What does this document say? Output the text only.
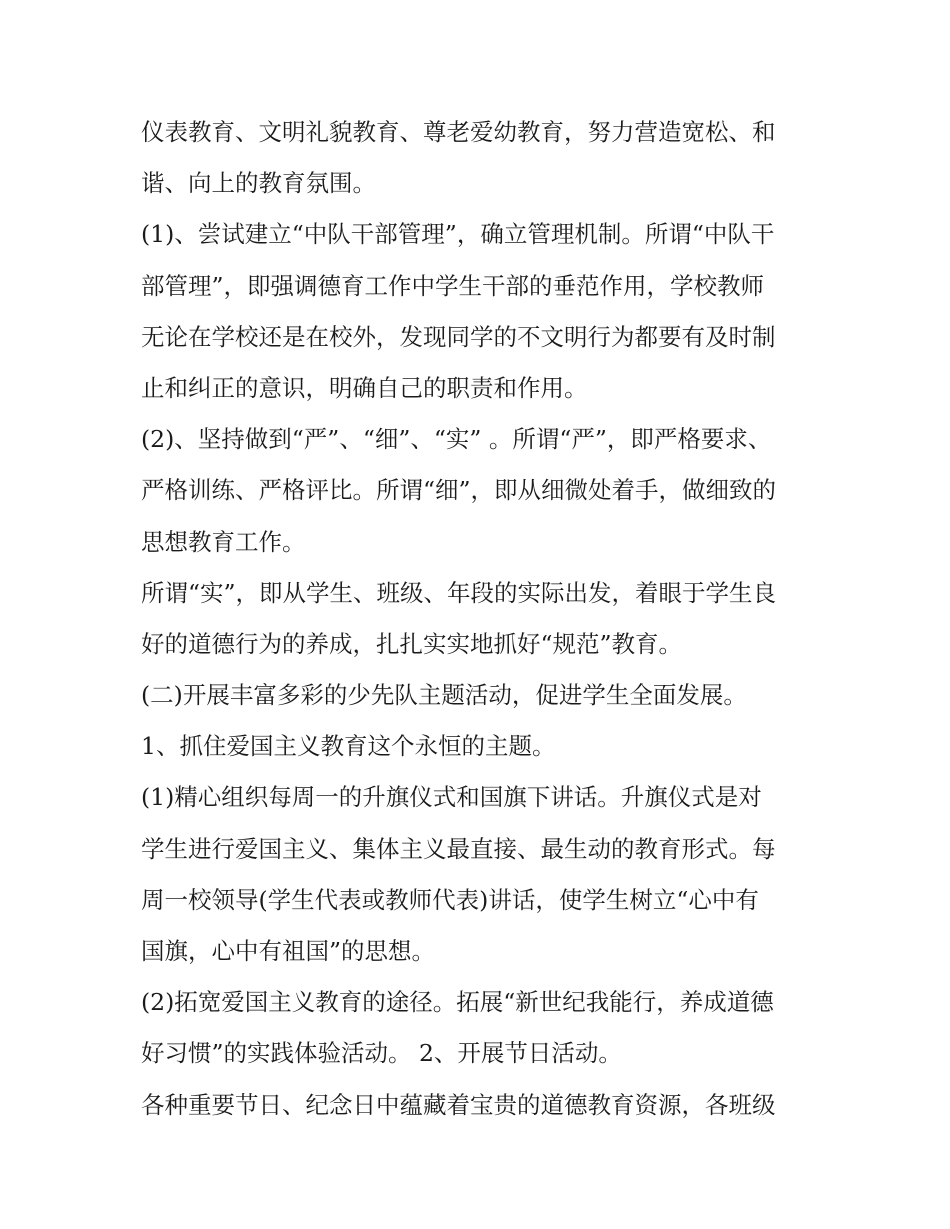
仪表教育、文明礼貌教育、尊老爱幼教育，努力营造宽松、和
谐、向上的教育氛围。
(1)、尝试建立“中队干部管理”，确立管理机制。所谓“中队干
部管理”，即强调德育工作中学生干部的垂范作用，学校教师
无论在学校还是在校外，发现同学的不文明行为都要有及时制
止和纠正的意识，明确自己的职责和作用。
(2)、坚持做到“严”、“细”、“实” 。所谓“严”，即严格要求、
严格训练、严格评比。所谓“细”，即从细微处着手，做细致的
思想教育工作。
所谓“实”，即从学生、班级、年段的实际出发，着眼于学生良
好的道德行为的养成，扎扎实实地抓好“规范”教育。
(二)开展丰富多彩的少先队主题活动，促进学生全面发展。
1、抓住爱国主义教育这个永恒的主题。
(1)精心组织每周一的升旗仪式和国旗下讲话。升旗仪式是对
学生进行爱国主义、集体主义最直接、最生动的教育形式。每
周一校领导(学生代表或教师代表)讲话，使学生树立“心中有
国旗，心中有祖国”的思想。
(2)拓宽爱国主义教育的途径。拓展“新世纪我能行，养成道德
好习惯”的实践体验活动。 2、开展节日活动。
各种重要节日、纪念日中蕴藏着宝贵的道德教育资源，各班级
